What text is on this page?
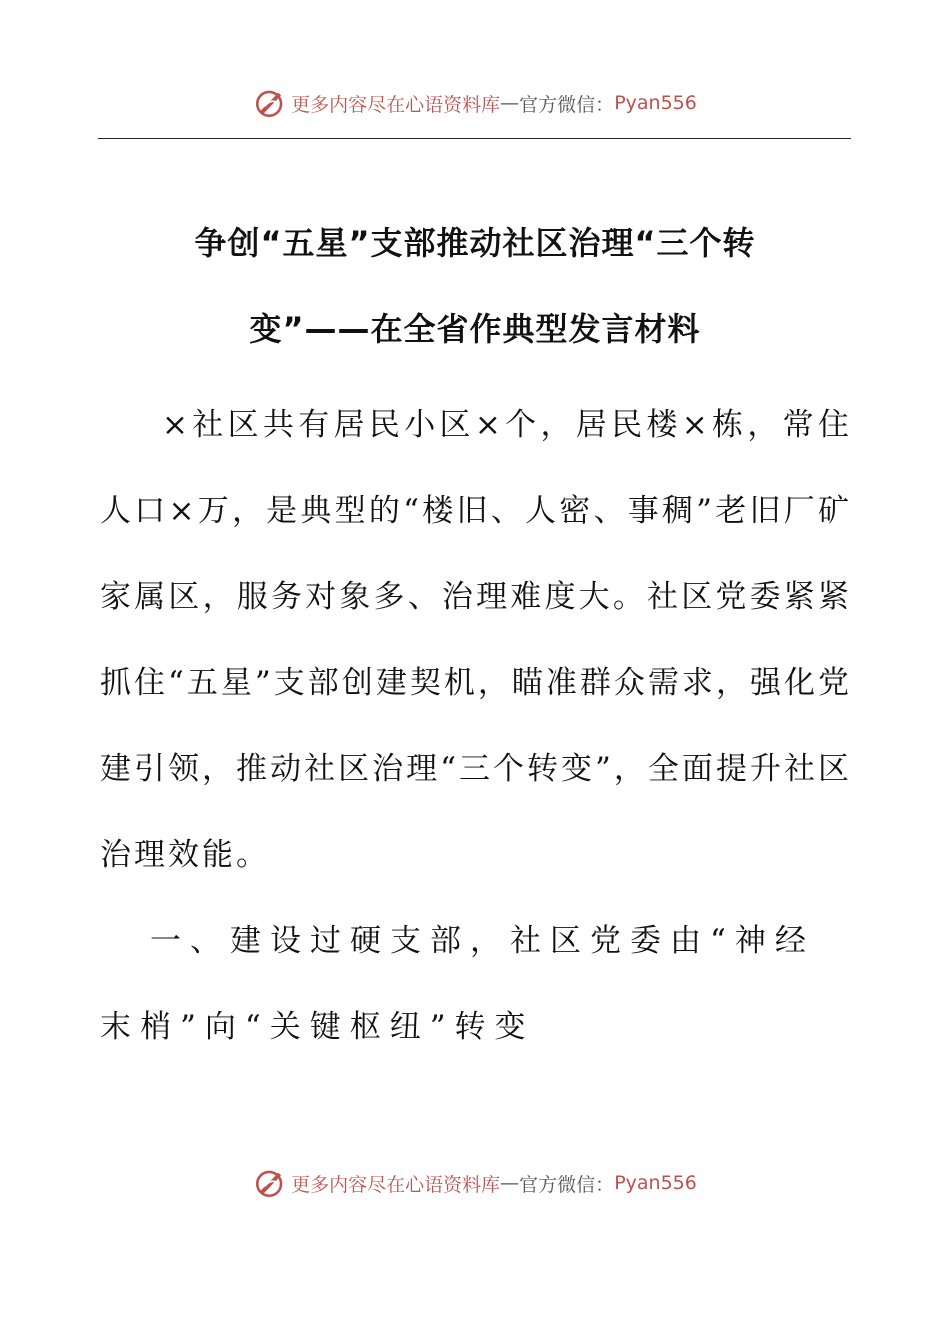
更多内容尽在心语资料库 — 官方微信： Pyan556
争创“五星”支部推动社区治理“三个转
变”——在全省作典型发言材料

×社区共有居民小区×个，居民楼×栋，常住人口×万，是典型的“楼旧、人密、事稠”老旧厂矿家属区，服务对象多、治理难度大。社区党委紧紧抓住“五星”支部创建契机，瞄准群众需求，强化党建引领，推动社区治理“三个转变”，全面提升社区治理效能。

一、建设过硬支部，社区党委由“神经末梢”向“关键枢纽”转变

更多内容尽在心语资料库 — 官方微信： Pyan556
